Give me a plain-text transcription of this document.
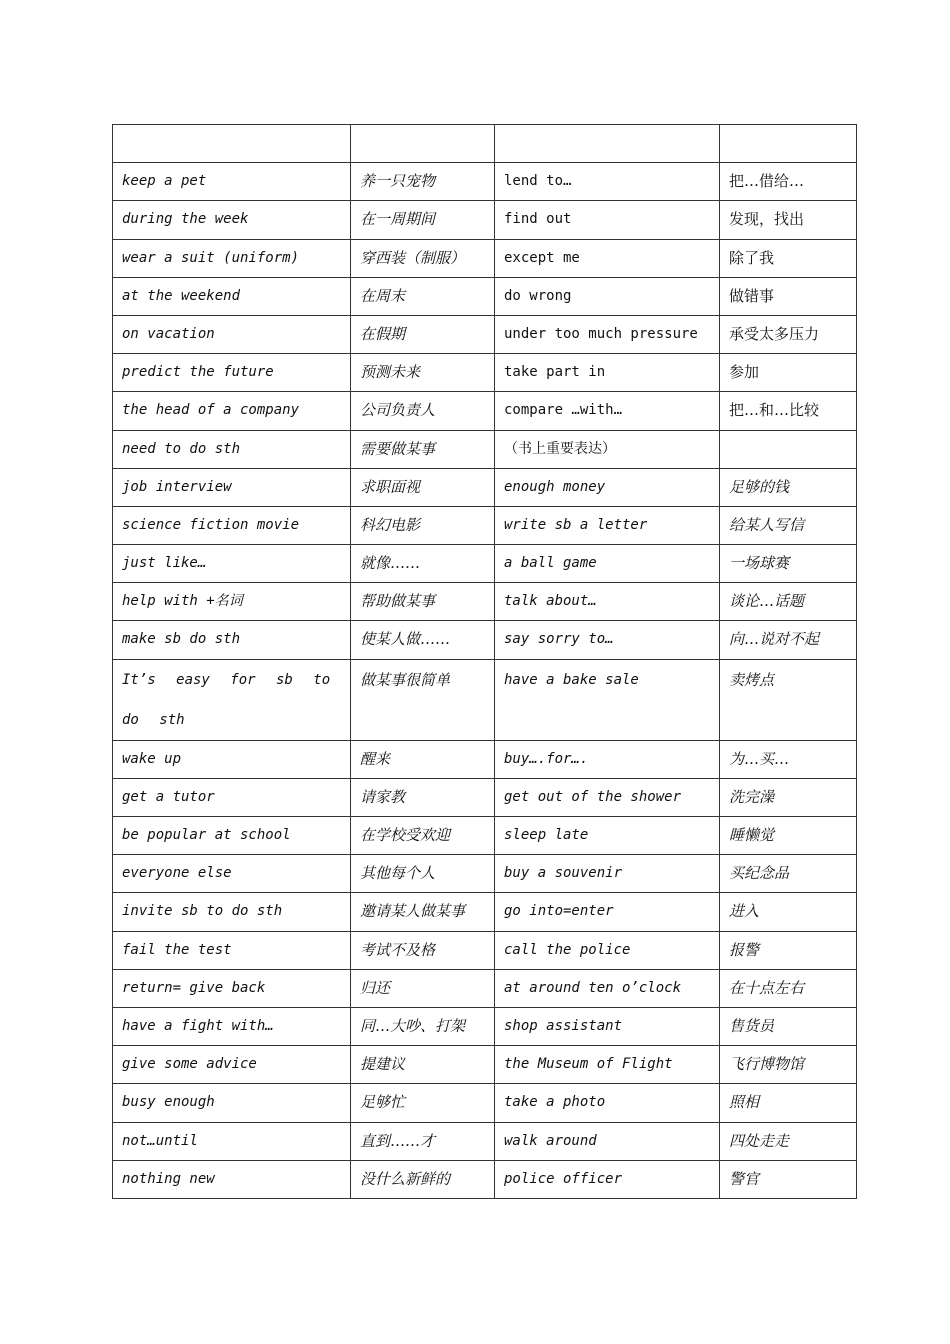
keep a pet	养一只宠物	lend to…	把…借给…
during the week	在一周期间	find out	发现，找出
wear a suit (uniform)	穿西装（制服）	except me	除了我
at the weekend	在周末	do wrong	做错事
on vacation	在假期	under too much pressure	承受太多压力
predict the future	预测未来	take part in	参加
the head of a company	公司负责人	compare …with…	把…和…比较
need to do sth	需要做某事	（书上重要表达）	
job interview	求职面视	enough money	足够的钱
science fiction movie	科幻电影	write sb a letter	给某人写信
just like…	就像……	a ball game	一场球赛
help with +名词	帮助做某事	talk about…	谈论…话题
make sb do sth	使某人做……	say sorry to…	向…说对不起
It’s easy for sb to do sth	做某事很简单	have a bake sale	卖烤点
wake up	醒来	buy….for….	为…买…
get a tutor	请家教	get out of the shower	洗完澡
be popular at school	在学校受欢迎	sleep late	睡懒觉
everyone else	其他每个人	buy a souvenir	买纪念品
invite sb to do sth	邀请某人做某事	go into=enter	进入
fail the test	考试不及格	call the police	报警
return= give back	归还	at around ten o’clock	在十点左右
have a fight with…	同…大吵、打架	shop assistant	售货员
give some advice	提建议	the Museum of Flight	飞行博物馆
busy enough	足够忙	take a photo	照相
not…until	直到……才	walk around	四处走走
nothing new	没什么新鲜的	police officer	警官
